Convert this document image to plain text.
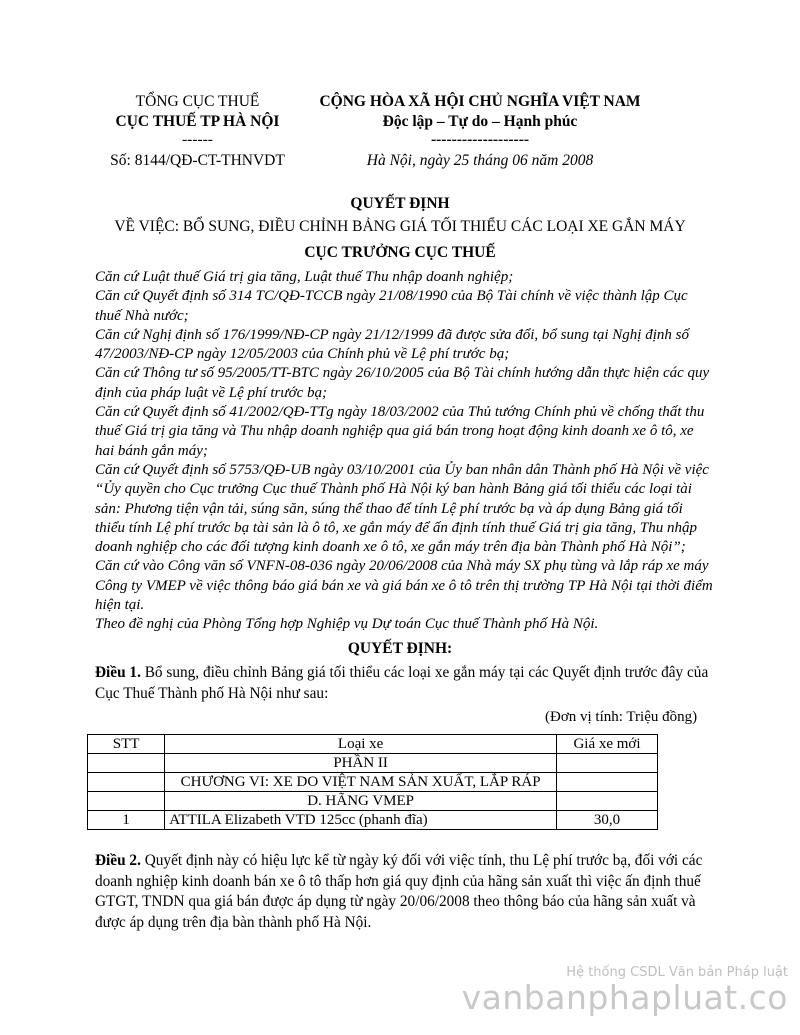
TỔNG CỤC THUẾ
CỤC THUẾ TP HÀ NỘI
------
Số: 8144/QĐ-CT-THNVDT
CỘNG HÒA XÃ HỘI CHỦ NGHĨA VIỆT NAM
Độc lập – Tự do – Hạnh phúc
-------------------
Hà Nội, ngày 25 tháng 06 năm 2008
QUYẾT ĐỊNH
VỀ VIỆC: BỔ SUNG, ĐIỀU CHỈNH BẢNG GIÁ TỐI THIỂU CÁC LOẠI XE GẮN MÁY
CỤC TRƯỞNG CỤC THUẾ

Căn cứ Luật thuế Giá trị gia tăng, Luật thuế Thu nhập doanh nghiệp;

Căn cứ Quyết định số 314 TC/QĐ-TCCB ngày 21/08/1990 của Bộ Tài chính về việc thành lập Cục thuế Nhà nước;

Căn cứ Nghị định số 176/1999/NĐ-CP ngày 21/12/1999 đã được sửa đổi, bổ sung tại Nghị định số 47/2003/NĐ-CP ngày 12/05/2003 của Chính phủ về Lệ phí trước bạ;

Căn cứ Thông tư số 95/2005/TT-BTC ngày 26/10/2005 của Bộ Tài chính hướng dẫn thực hiện các quy định của pháp luật về Lệ phí trước bạ;

Căn cứ Quyết định số 41/2002/QĐ-TTg ngày 18/03/2002 của Thủ tướng Chính phủ về chống thất thu thuế Giá trị gia tăng và Thu nhập doanh nghiệp qua giá bán trong hoạt động kinh doanh xe ô tô, xe hai bánh gắn máy;

Căn cứ Quyết định số 5753/QĐ-UB ngày 03/10/2001 của Ủy ban nhân dân Thành phố Hà Nội về việc “Ủy quyền cho Cục trưởng Cục thuế Thành phố Hà Nội ký ban hành Bảng giá tối thiểu các loại tài sản: Phương tiện vận tải, súng săn, súng thể thao để tính Lệ phí trước bạ và áp dụng Bảng giá tối thiểu tính Lệ phí trước bạ tài sản là ô tô, xe gắn máy để ấn định tính thuế Giá trị gia tăng, Thu nhập doanh nghiệp cho các đối tượng kinh doanh xe ô tô, xe gắn máy trên địa bàn Thành phố Hà Nội”;

Căn cứ vào Công văn số VNFN-08-036 ngày 20/06/2008 của Nhà máy SX phụ tùng và lắp ráp xe máy Công ty VMEP về việc thông báo giá bán xe và giá bán xe ô tô trên thị trường TP Hà Nội tại thời điểm hiện tại.

Theo đề nghị của Phòng Tổng hợp Nghiệp vụ Dự toán Cục thuế Thành phố Hà Nội.

QUYẾT ĐỊNH:

Điều 1. Bổ sung, điều chỉnh Bảng giá tối thiểu các loại xe gắn máy tại các Quyết định trước đây của Cục Thuế Thành phố Hà Nội như sau:

(Đơn vị tính: Triệu đồng)
STT	Loại xe	Giá xe mới
	PHẦN II	
	CHƯƠNG VI: XE DO VIỆT NAM SẢN XUẤT, LẮP RÁP	
	D. HÃNG VMEP	
1	ATTILA Elizabeth VTD 125cc (phanh đĩa)	30,0

Điều 2. Quyết định này có hiệu lực kể từ ngày ký đối với việc tính, thu Lệ phí trước bạ, đối với các doanh nghiệp kinh doanh bán xe ô tô thấp hơn giá quy định của hãng sản xuất thì việc ấn định thuế GTGT, TNDN qua giá bán được áp dụng từ ngày 20/06/2008 theo thông báo của hãng sản xuất và được áp dụng trên địa bàn thành phố Hà Nội.

Hệ thống CSDL Văn bản Pháp luật
vanbanphapluat.co
